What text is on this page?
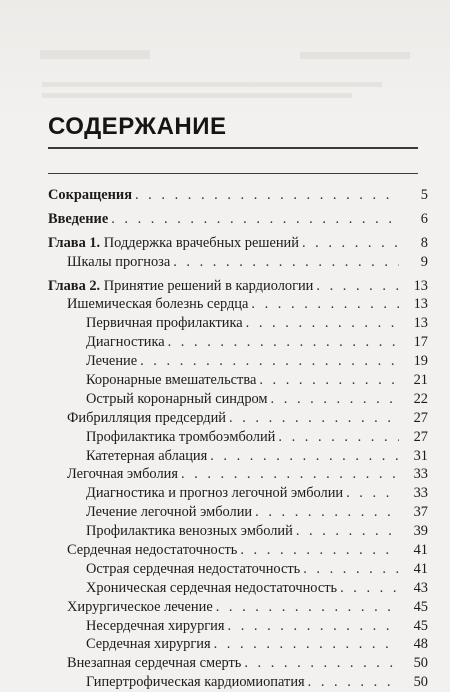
СОДЕРЖАНИЕ
Сокращения . . .	5
Введение . . .	6
Глава 1. Поддержка врачебных решений . . .	8
Шкалы прогноза . . .	9
Глава 2. Принятие решений в кардиологии . . .	13
Ишемическая болезнь сердца . . .	13
Первичная профилактика . . .	13
Диагностика . . .	17
Лечение . . .	19
Коронарные вмешательства . . .	21
Острый коронарный синдром . . .	22
Фибрилляция предсердий . . .	27
Профилактика тромбоэмболий . . .	27
Катетерная аблация . . .	31
Легочная эмболия . . .	33
Диагностика и прогноз легочной эмболии . . .	33
Лечение легочной эмболии . . .	37
Профилактика венозных эмболий . . .	39
Сердечная недостаточность . . .	41
Острая сердечная недостаточность . . .	41
Хроническая сердечная недостаточность . . .	43
Хирургическое лечение . . .	45
Несердечная хирургия . . .	45
Сердечная хирургия . . .	48
Внезапная сердечная смерть . . .	50
Гипертрофическая кардиомиопатия . . .	50
